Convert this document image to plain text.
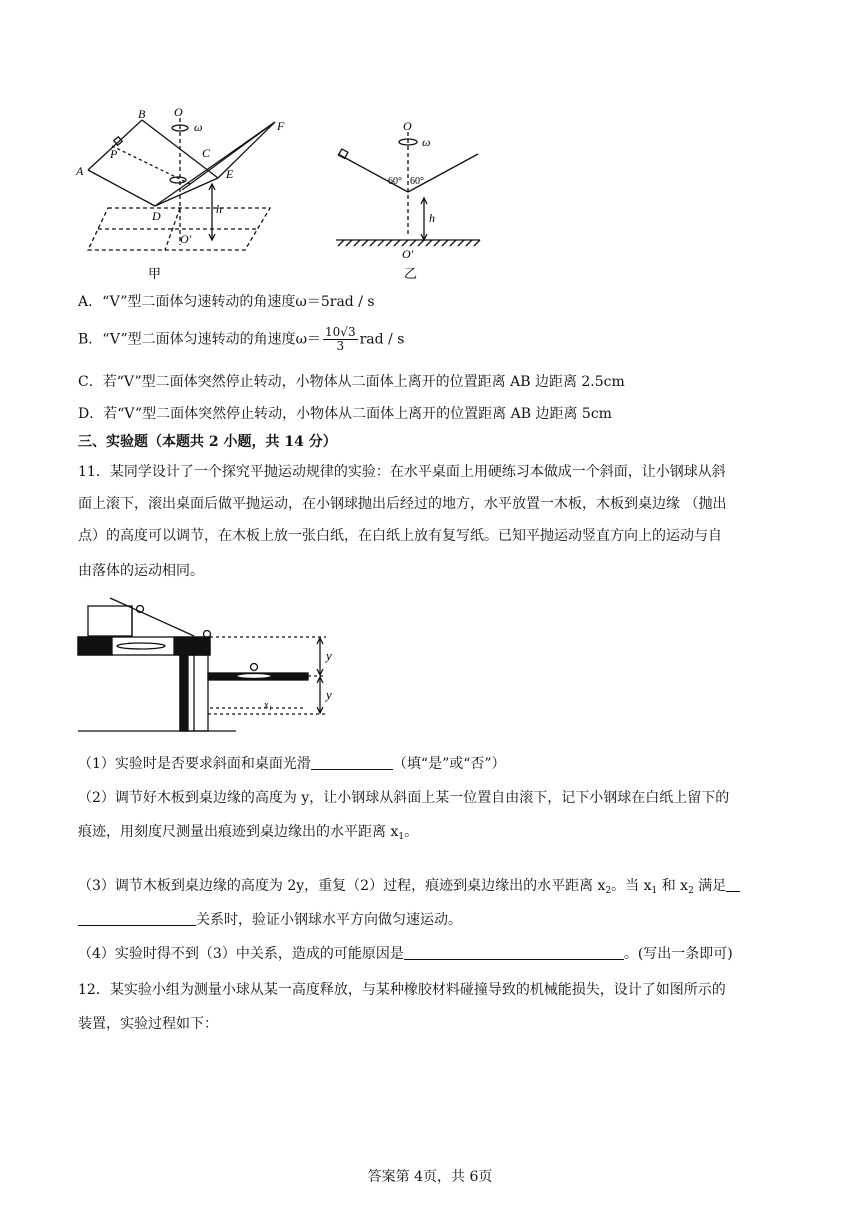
B O
ω	F
P	C
A	E
D	h
O'
甲
O
ω
60° 60°
h
O'
乙
A．“V”型二面体匀速转动的角速度ω＝5rad / s
B．“V”型二面体匀速转动的角速度$\omega= \frac{10√3}{3}$ rad / s
C．若“V”型二面体突然停止转动，小物体从二面体上离开的位置距离 AB 边距离 2.5cm
D．若“V”型二面体突然停止转动，小物体从二面体上离开的位置距离 AB 边距离 5cm
三、实验题（本题共 2 小题，共 14 分）
11．某同学设计了一个探究平抛运动规律的实验：在水平桌面上用硬练习本做成一个斜面，让小钢球从斜
面上滚下，滚出桌面后做平抛运动，在小钢球抛出后经过的地方，水平放置一木板，木板到桌边缘 （抛出
点）的高度可以调节，在木板上放一张白纸，在白纸上放有复写纸。已知平抛运动竖直方向上的运动与自
由落体的运动相同。
y
y
x₁
（1）实验时是否要求斜面和桌面光滑	（填“是”或“否”）
（2）调节好木板到桌边缘的高度为 y，让小钢球从斜面上某一位置自由滚下，记下小钢球在白纸上留下的
痕迹，用刻度尺测量出痕迹到桌边缘出的水平距离 $x_1$。
（3）调节木板到桌边缘的高度为 2y，重复（2）过程，痕迹到桌边缘出的水平距离 $x_2$。当 $x_1$ 和 $x_2$ 满足
关系时，验证小钢球水平方向做匀速运动。
（4）实验时得不到（3）中关系，造成的可能原因是	。(写出一条即可)
12．某实验小组为测量小球从某一高度释放，与某种橡胶材料碰撞导致的机械能损失，设计了如图所示的
装置，实验过程如下：
答案第 4页，共 6页
